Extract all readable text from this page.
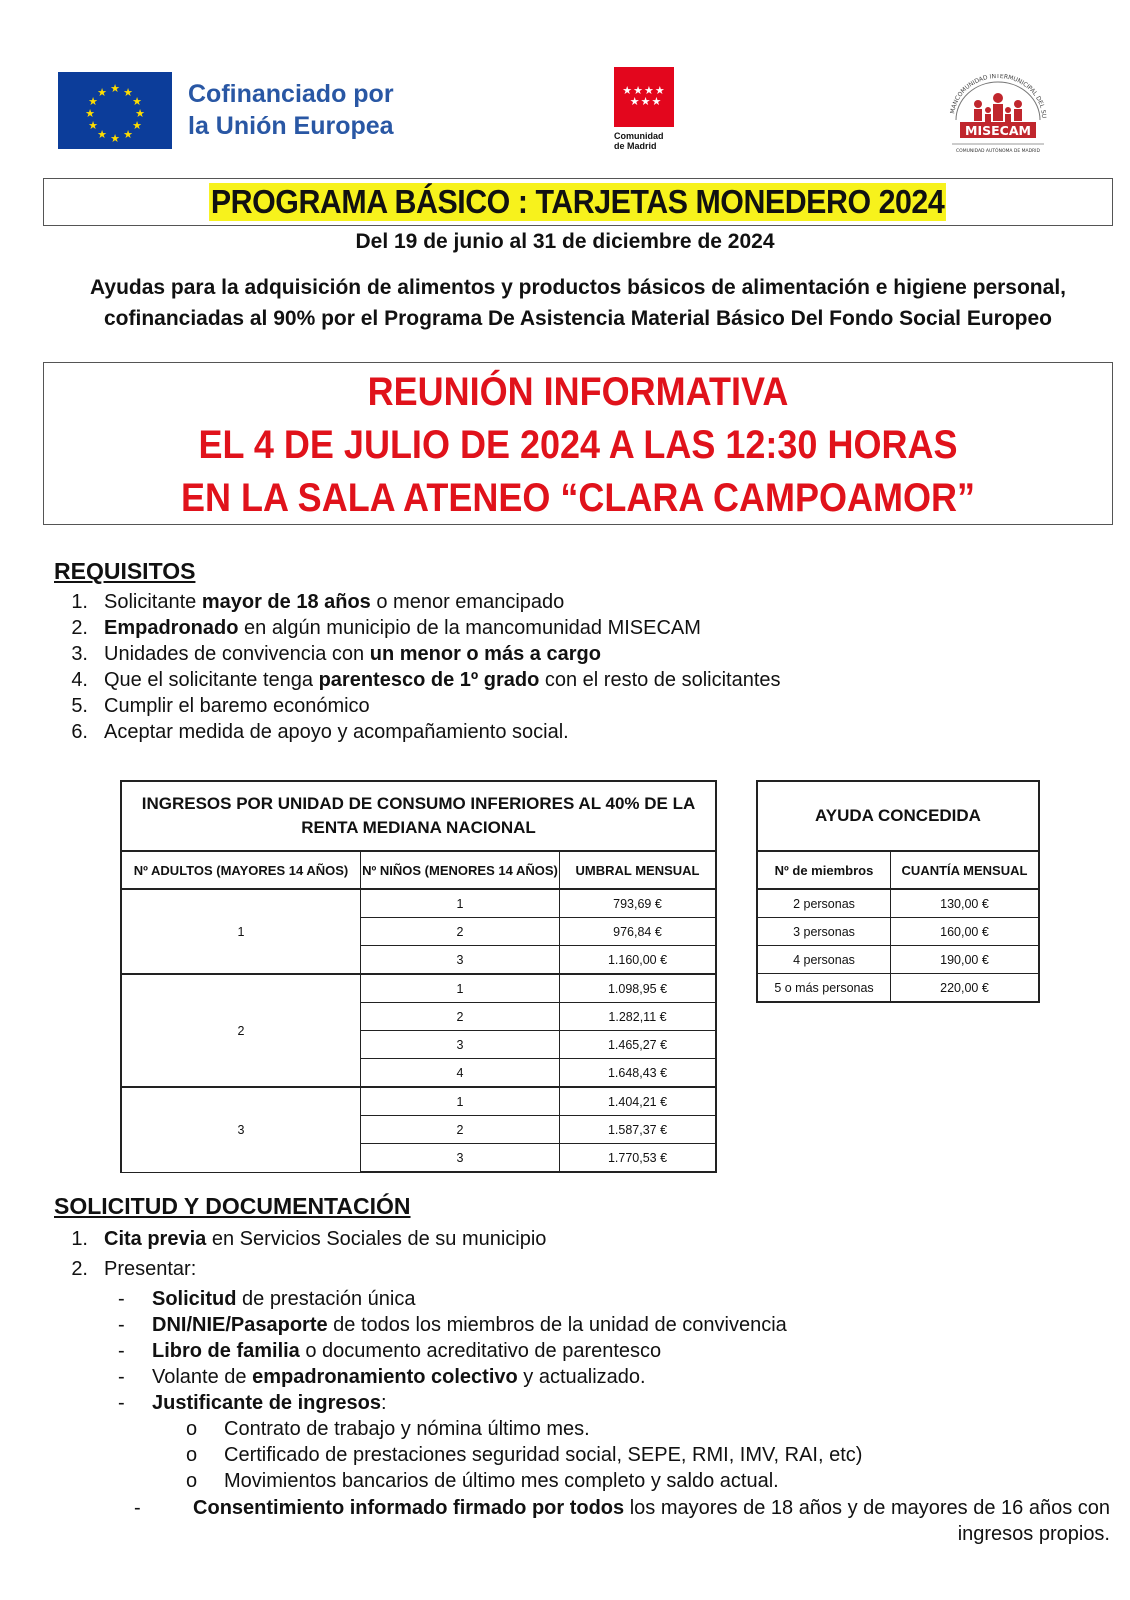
★ ★
★
★
★
★
★
★
★
★
★
★	Cofinanciado por
la Unión Europea
★★★★
★★★
Comunidad
de Madrid
MANCOMUNIDAD INTERMUNICIPAL DEL SU
MISECAM
COMUNIDAD AUTÓNOMA DE MADRID
PROGRAMA BÁSICO : TARJETAS MONEDERO 2024
Del 19 de junio al 31 de diciembre de 2024
Ayudas para la adquisición de alimentos y productos básicos de alimentación e higiene personal,
cofinanciadas al 90% por el Programa De Asistencia Material Básico Del Fondo Social Europeo
REUNIÓN INFORMATIVA
EL 4 DE JULIO DE 2024 A LAS 12:30 HORAS
EN LA SALA ATENEO “CLARA CAMPOAMOR”
REQUISITOS
1. Solicitante mayor de 18 años o menor emancipado
2. Empadronado en algún municipio de la mancomunidad MISECAM
3. Unidades de convivencia con un menor o más a cargo
4. Que el solicitante tenga parentesco de 1º grado con el resto de solicitantes
5. Cumplir el baremo económico
6. Aceptar medida de apoyo y acompañamiento social.
INGRESOS POR UNIDAD DE CONSUMO INFERIORES AL 40% DE LA
RENTA MEDIANA NACIONAL		

Nº ADULTOS (MAYORES 14 AÑOS)	Nº NIÑOS (MENORES 14 AÑOS)	UMBRAL MENSUAL
1	1	793,69 €
	2	976,84 €
	3	1.160,00 €
2	1	1.098,95 €
	2	1.282,11 €
	3	1.465,27 €
	4	1.648,43 €
3	1	1.404,21 €
	2	1.587,37 €
	3	1.770,53 €
AYUDA CONCEDIDA	
Nº de miembros	CUANTÍA MENSUAL
2 personas	130,00 €
3 personas	160,00 €
4 personas	190,00 €
5 o más personas	220,00 €
SOLICITUD Y DOCUMENTACIÓN
1. Cita previa en Servicios Sociales de su municipio
2. Presentar:
-	Solicitud de prestación única
-	DNI/NIE/Pasaporte de todos los miembros de la unidad de convivencia
-	Libro de familia o documento acreditativo de parentesco
-	Volante de empadronamiento colectivo y actualizado.
-	Justificante de ingresos:
o	Contrato de trabajo y nómina último mes.
o	Certificado de prestaciones seguridad social, SEPE, RMI, IMV, RAI, etc)
o	Movimientos bancarios de último mes completo y saldo actual.
-	Consentimiento informado firmado por todos los mayores de 18 años y de mayores de 16 años con ingresos propios.
